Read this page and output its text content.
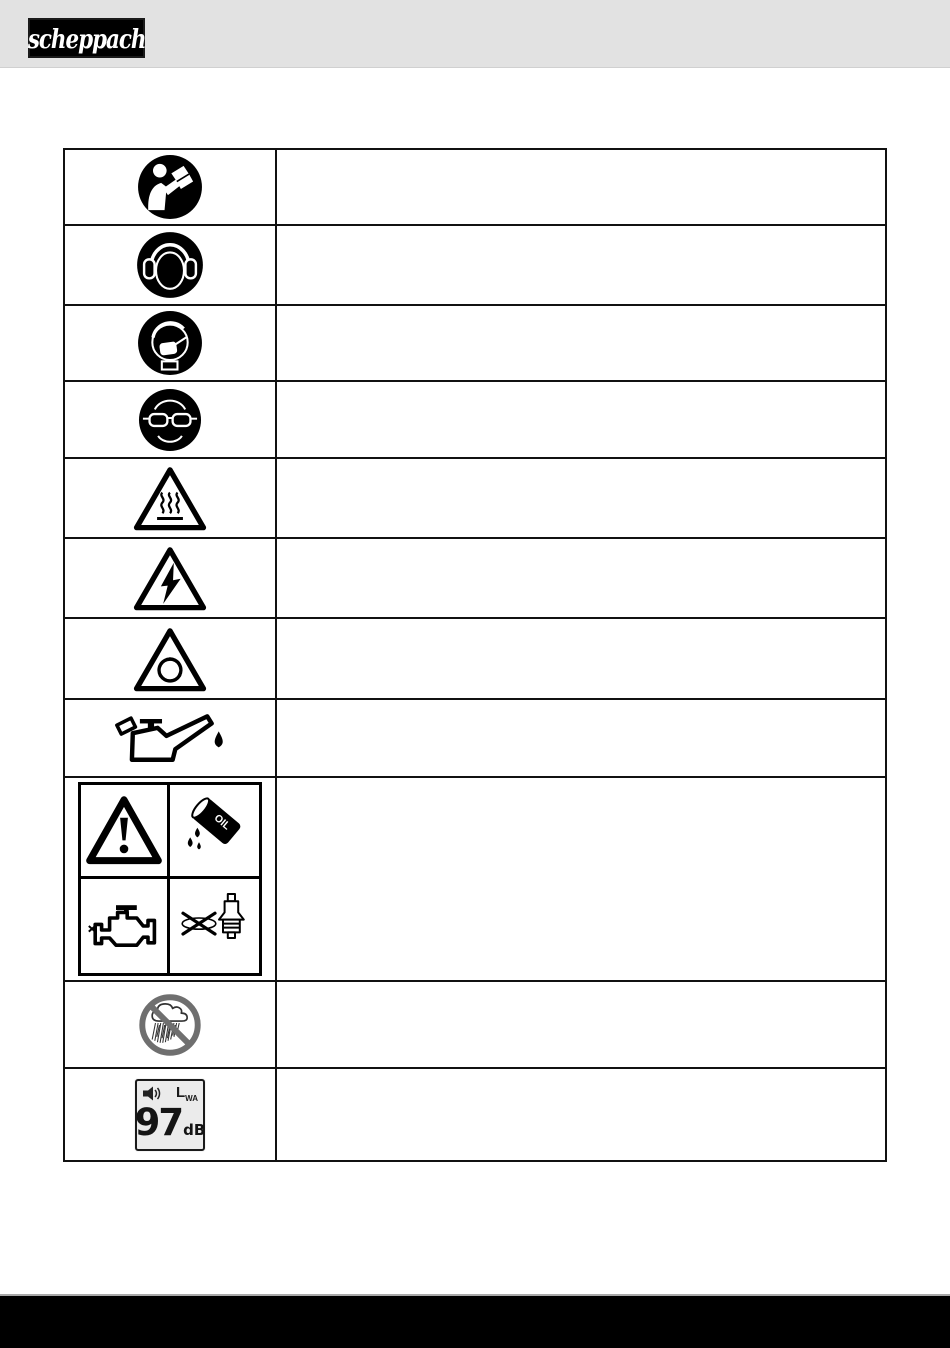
scheppach

OIL	

$L_{WA}$
97 dB	
